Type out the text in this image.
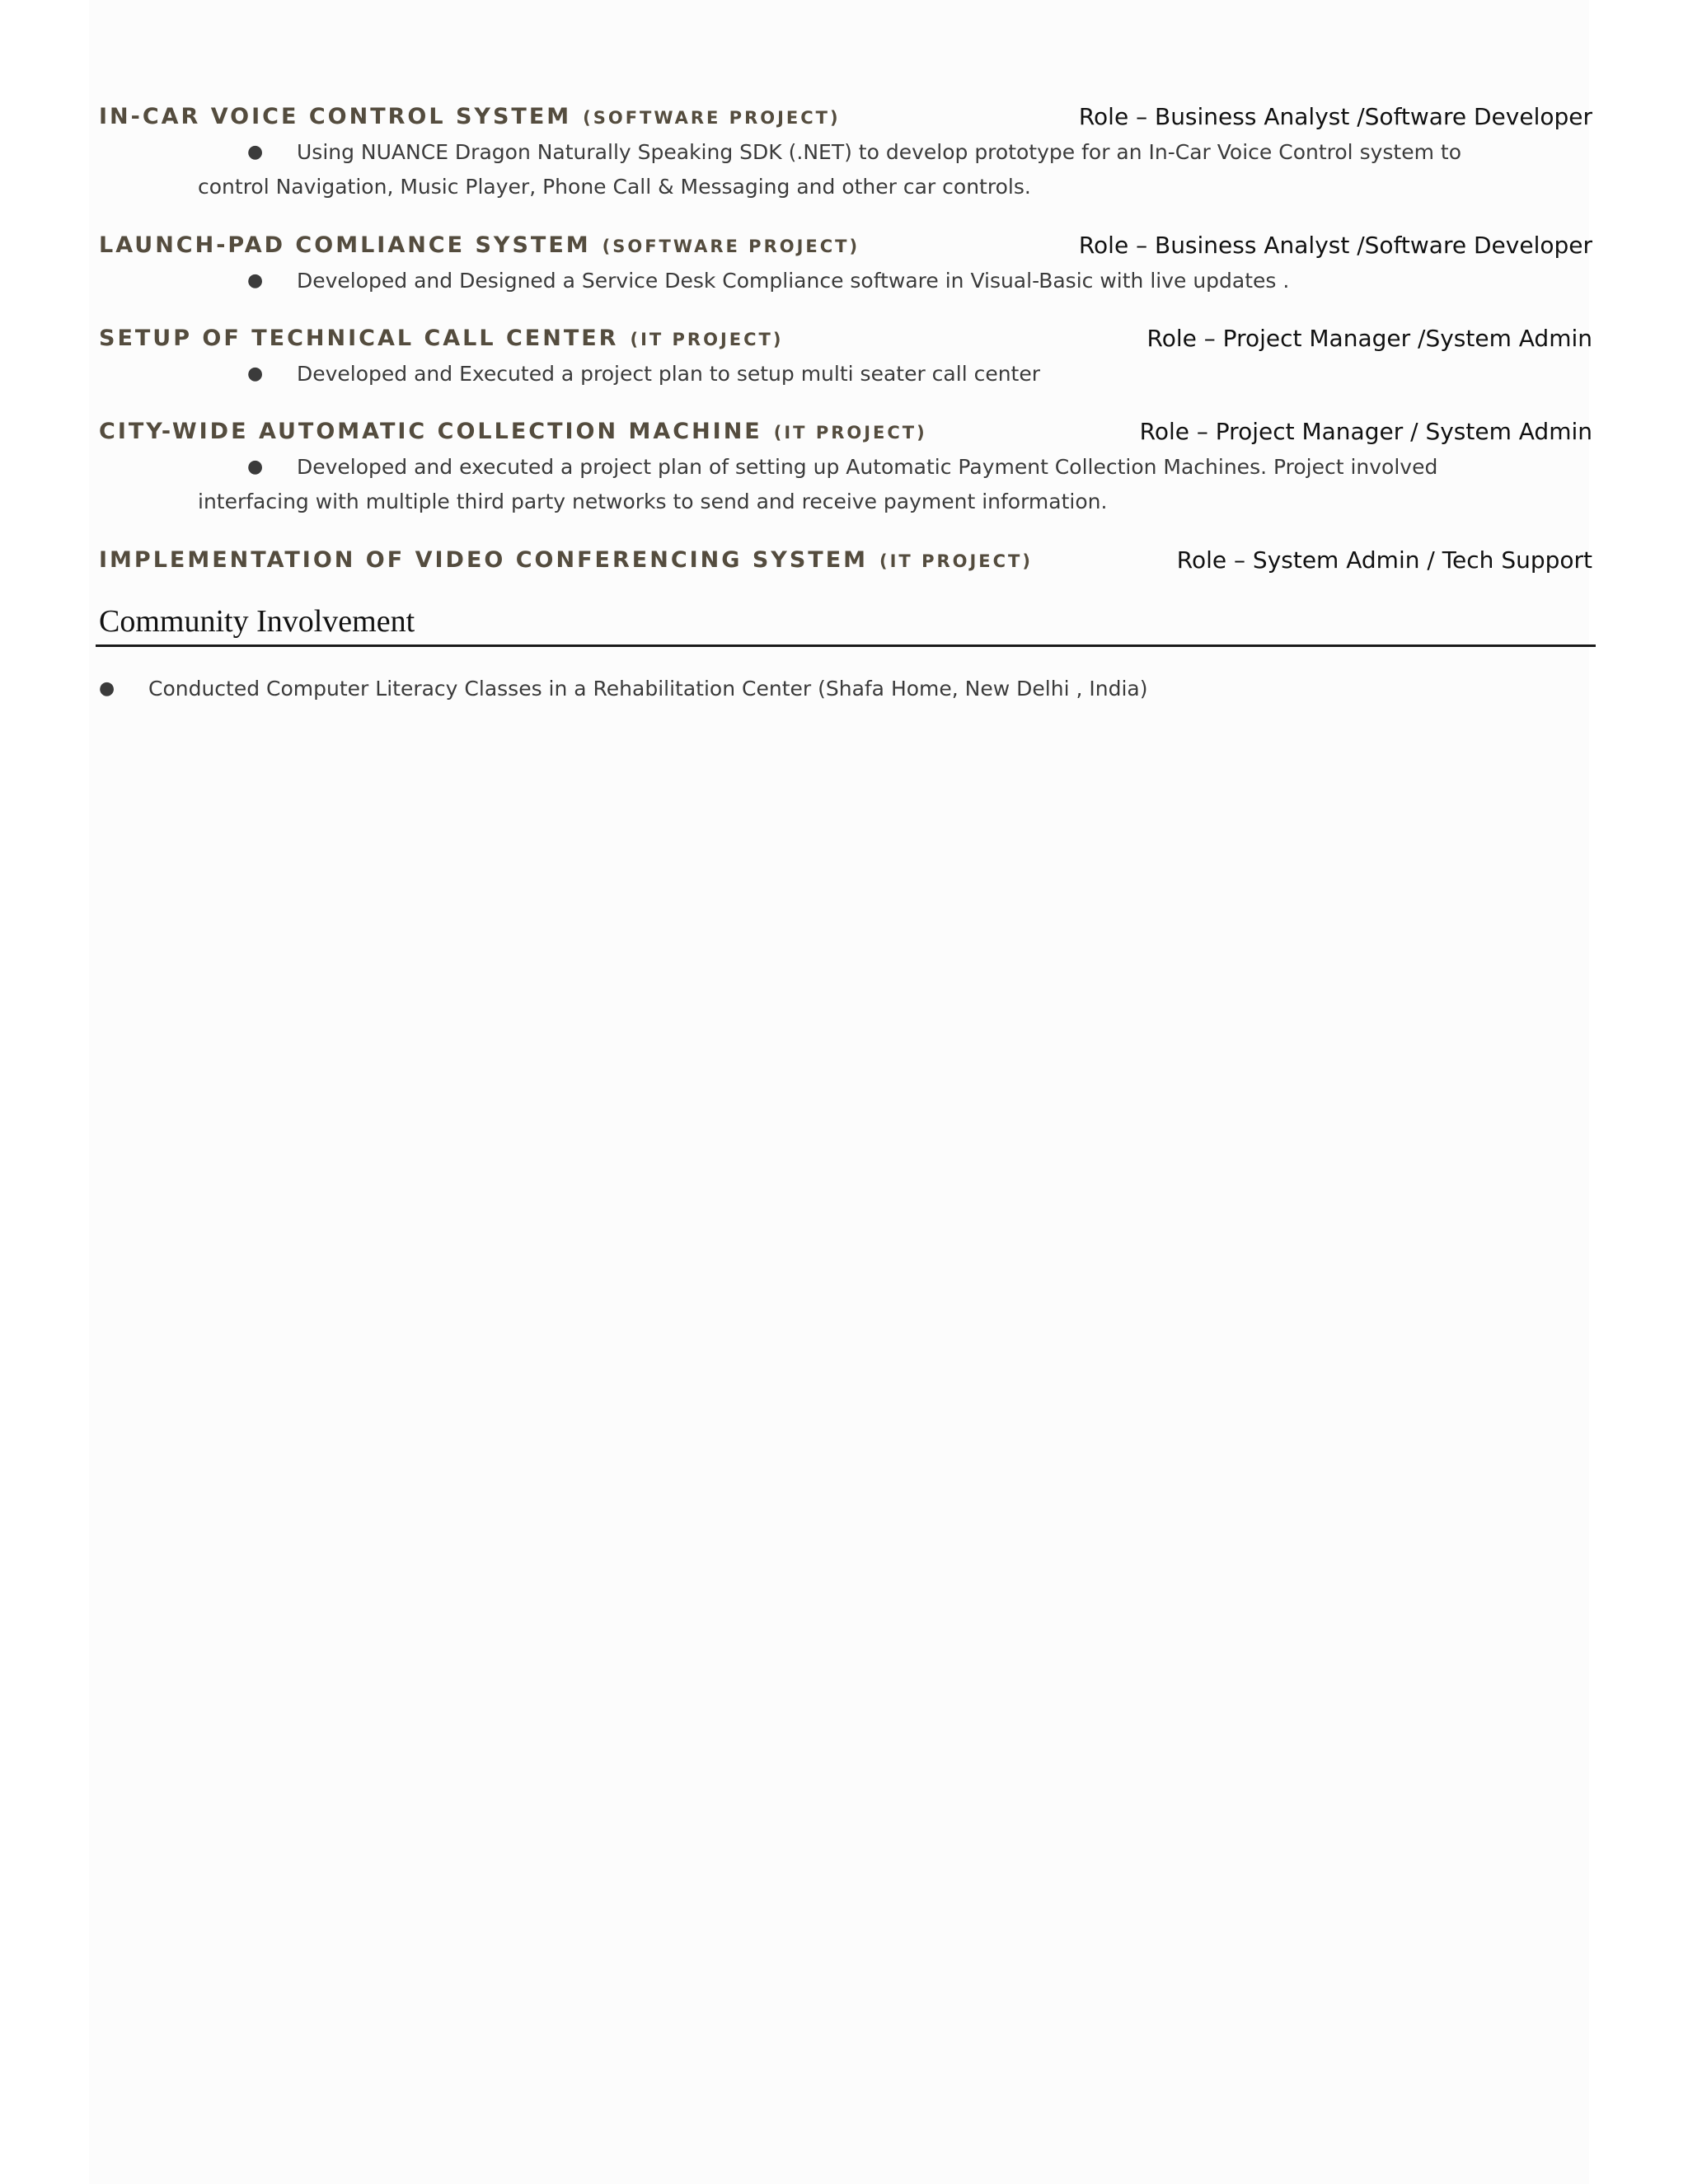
IN-CAR VOICE CONTROL SYSTEM (SOFTWARE PROJECT)	Role – Business Analyst /Software Developer
● Using NUANCE Dragon Naturally Speaking SDK (.NET) to develop prototype for an In-Car Voice Control system to
control Navigation, Music Player, Phone Call & Messaging and other car controls.
LAUNCH-PAD COMLIANCE SYSTEM (SOFTWARE PROJECT)	Role – Business Analyst /Software Developer
● Developed and Designed a Service Desk Compliance software in Visual-Basic with live updates .
SETUP OF TECHNICAL CALL CENTER (IT PROJECT)	Role – Project Manager /System Admin
● Developed and Executed a project plan to setup multi seater call center
CITY-WIDE AUTOMATIC COLLECTION MACHINE (IT PROJECT)	Role – Project Manager / System Admin
● Developed and executed a project plan of setting up Automatic Payment Collection Machines. Project involved
interfacing with multiple third party networks to send and receive payment information.
IMPLEMENTATION OF VIDEO CONFERENCING SYSTEM (IT PROJECT)	Role – System Admin / Tech Support
Community Involvement
● Conducted Computer Literacy Classes in a Rehabilitation Center (Shafa Home, New Delhi , India)
